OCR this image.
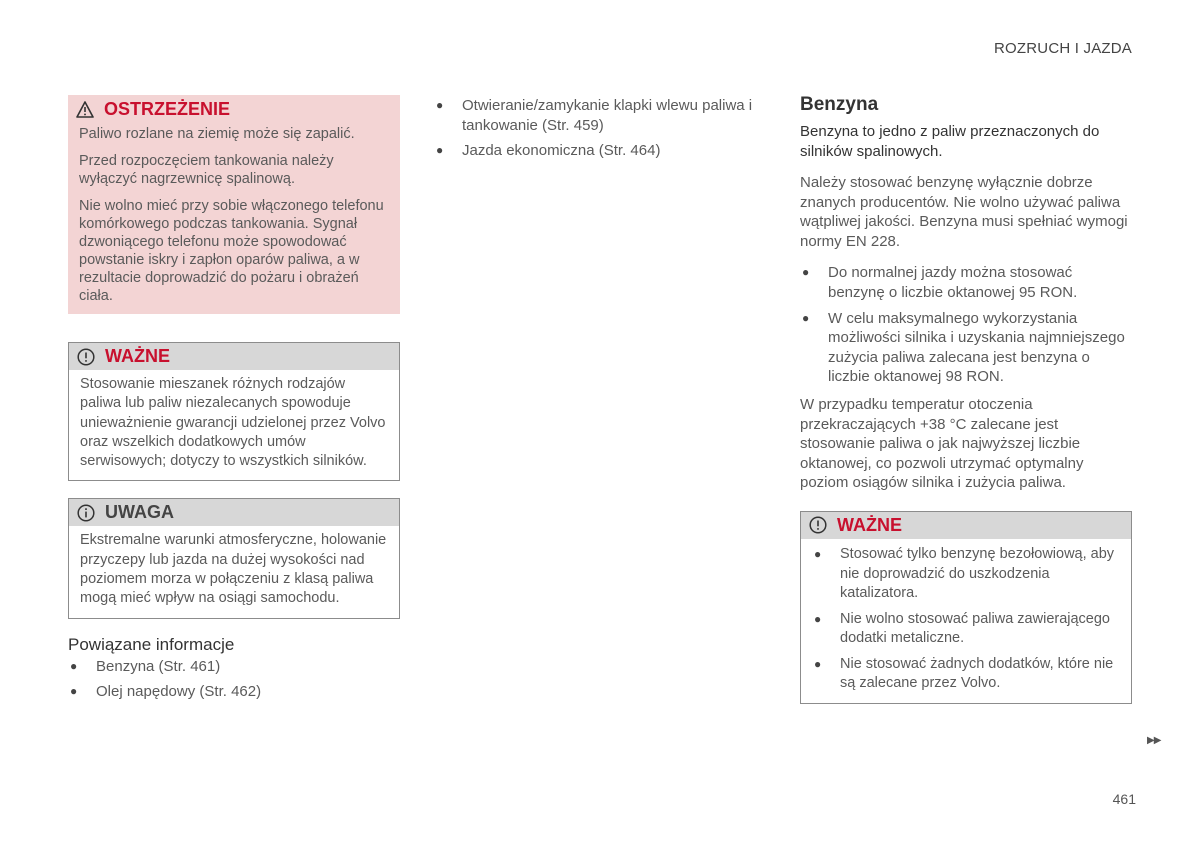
ROZRUCH I JAZDA
OSTRZEŻENIE

Paliwo rozlane na ziemię może się zapalić.

Przed rozpoczęciem tankowania należy wyłączyć nagrzewnicę spalinową.

Nie wolno mieć przy sobie włączonego telefonu komórkowego podczas tankowania. Sygnał dzwoniącego telefonu może spowodować powstanie iskry i zapłon oparów paliwa, a w rezultacie doprowadzić do pożaru i obrażeń ciała.

WAŻNE

Stosowanie mieszanek różnych rodzajów paliwa lub paliw niezalecanych spowoduje unieważnienie gwarancji udzielonej przez Volvo oraz wszelkich dodatkowych umów serwisowych; dotyczy to wszystkich silników.

UWAGA

Ekstremalne warunki atmosferyczne, holowanie przyczepy lub jazda na dużej wysokości nad poziomem morza w połączeniu z klasą paliwa mogą mieć wpływ na osiągi samochodu.

Powiązane informacje
● Benzyna (Str. 461)
● Olej napędowy (Str. 462)
● Otwieranie/zamykanie klapki wlewu paliwa i tankowanie (Str. 459)
● Jazda ekonomiczna (Str. 464)
Benzyna

Benzyna to jedno z paliw przeznaczonych do silników spalinowych.

Należy stosować benzynę wyłącznie dobrze znanych producentów. Nie wolno używać paliwa wątpliwej jakości. Benzyna musi spełniać wymogi normy EN 228.

● Do normalnej jazdy można stosować benzynę o liczbie oktanowej 95 RON.
● W celu maksymalnego wykorzystania możliwości silnika i uzyskania najmniejszego zużycia paliwa zalecana jest benzyna o liczbie oktanowej 98 RON.

W przypadku temperatur otoczenia przekraczających +38 °C zalecane jest stosowanie paliwa o jak najwyższej liczbie oktanowej, co pozwoli utrzymać optymalny poziom osiągów silnika i zużycia paliwa.

WAŻNE
● Stosować tylko benzynę bezołowiową, aby nie doprowadzić do uszkodzenia katalizatora.
● Nie wolno stosować paliwa zawierającego dodatki metaliczne.
● Nie stosować żadnych dodatków, które nie są zalecane przez Volvo.
▶▶
461
